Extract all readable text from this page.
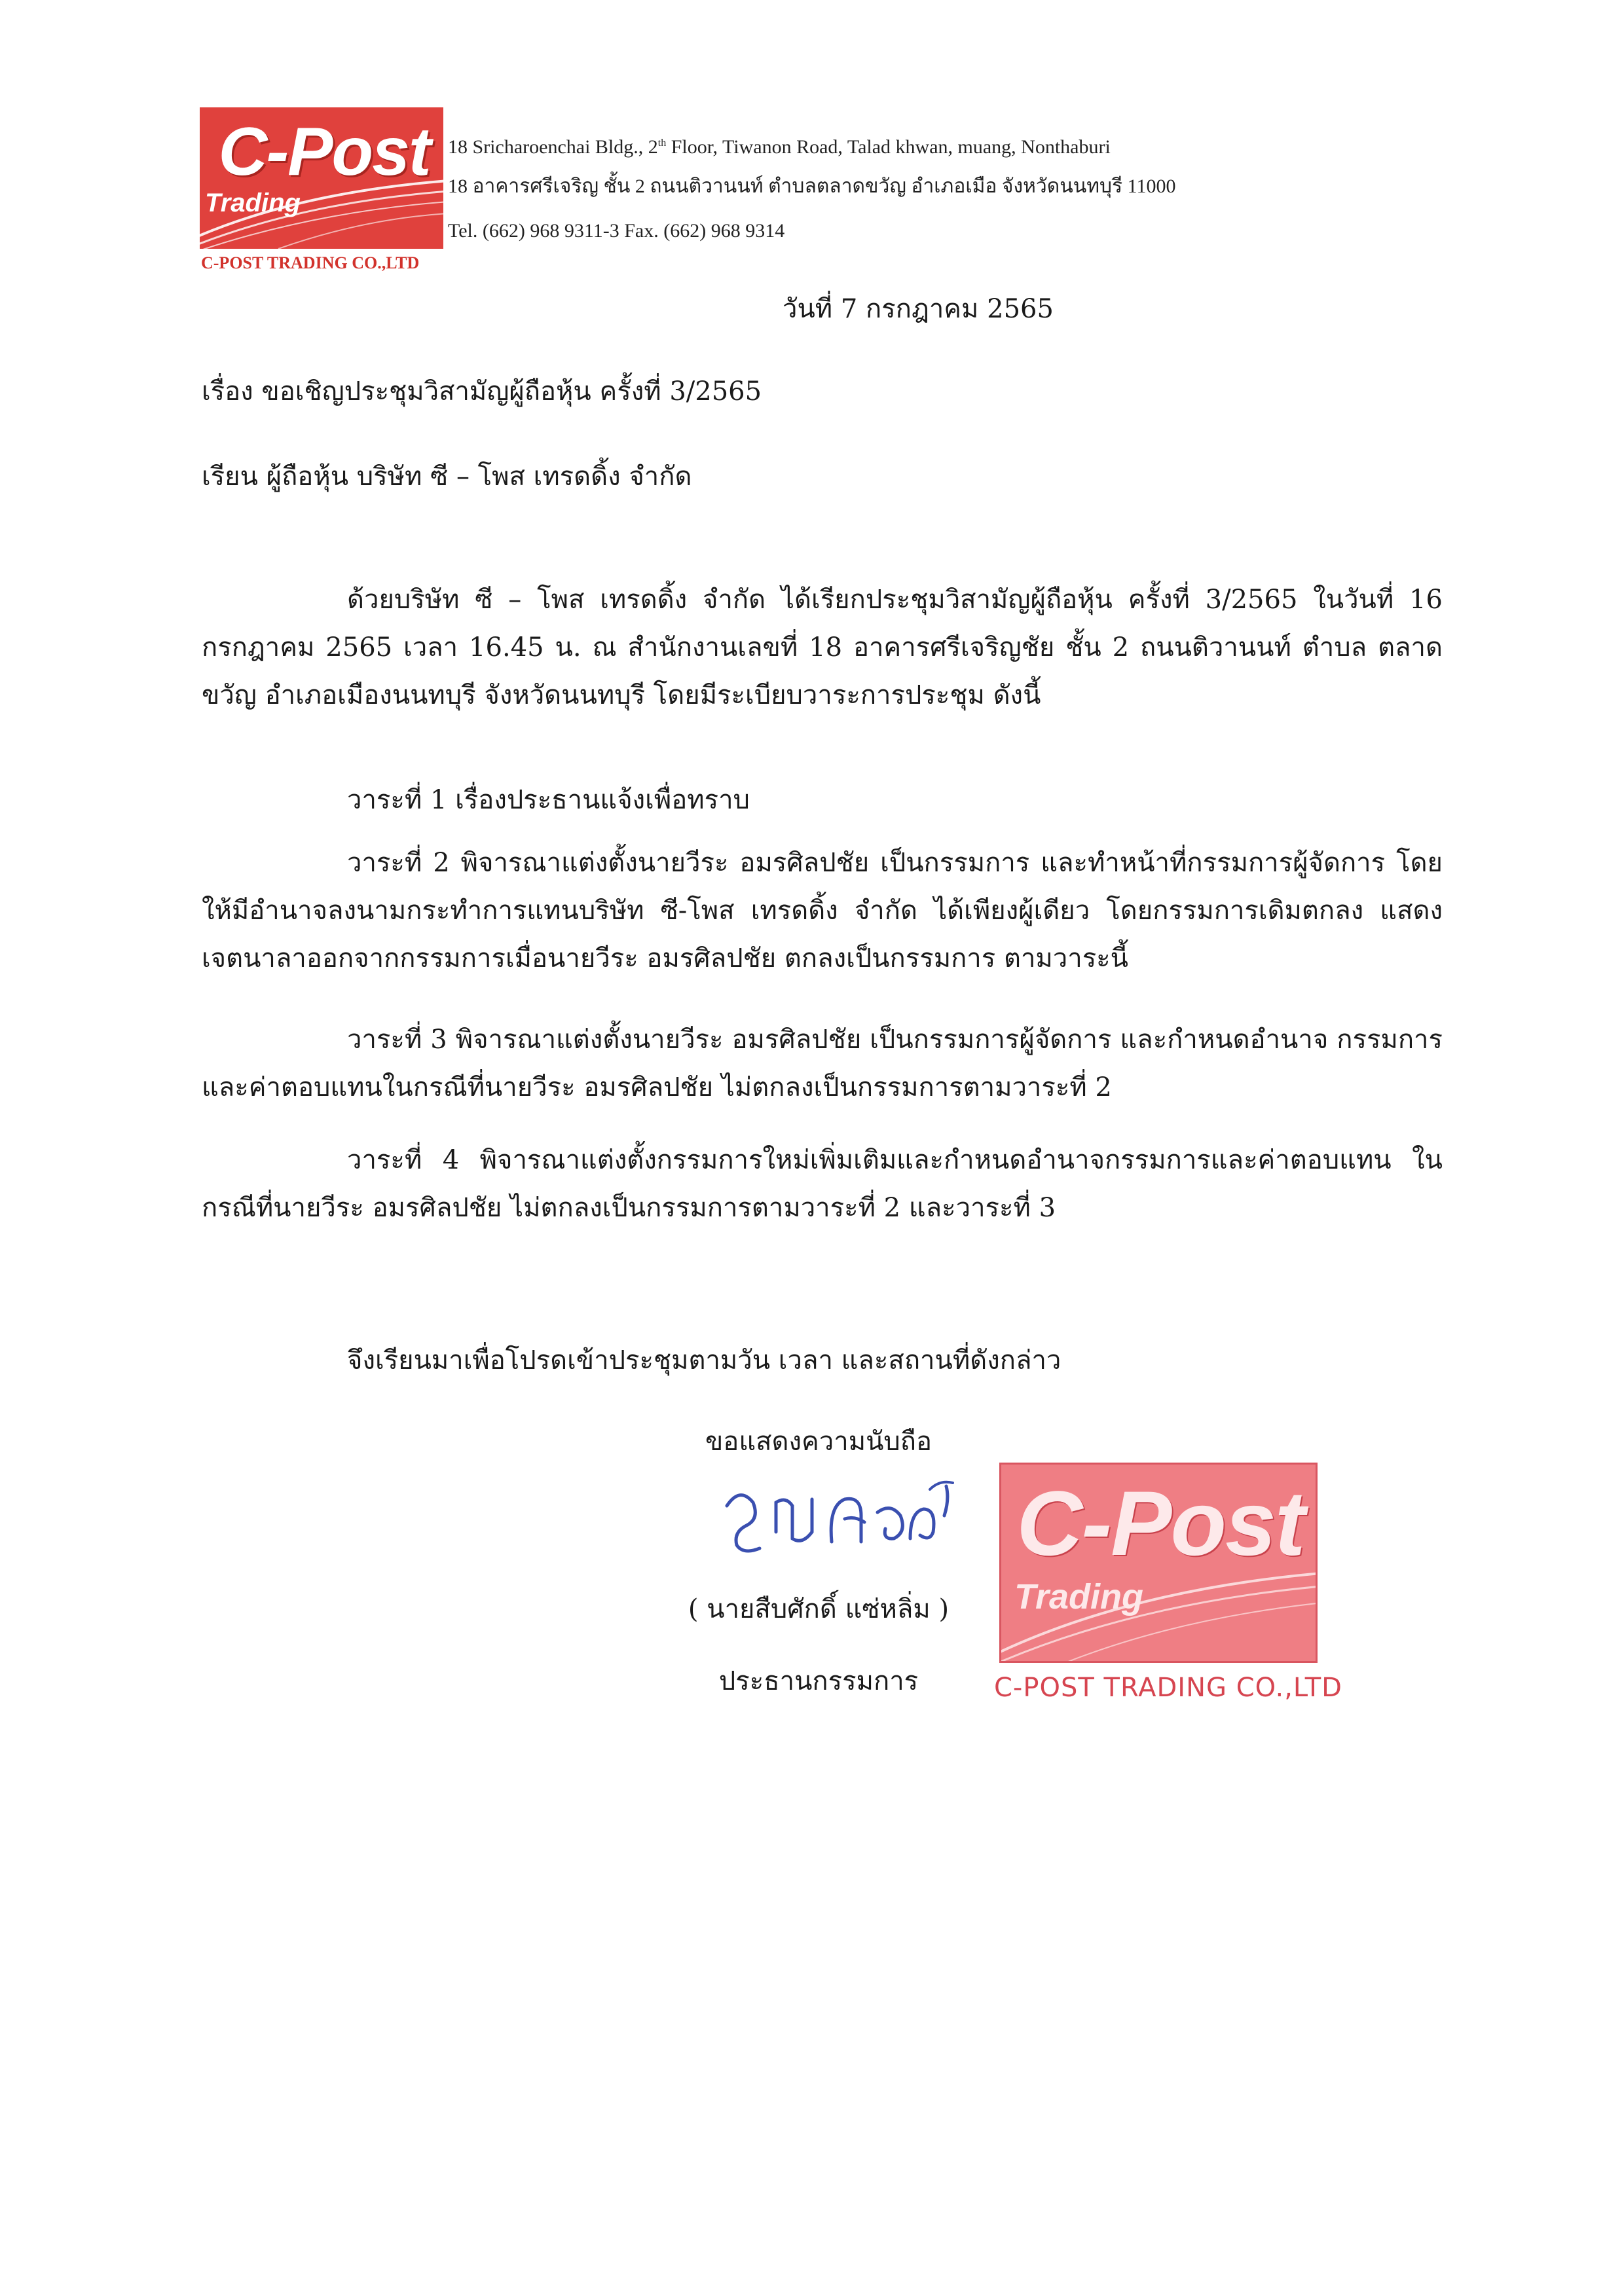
C-Post
Trading
C-POST TRADING CO.,LTD
18 Sricharoenchai Bldg., 2th Floor, Tiwanon Road, Talad khwan, muang, Nonthaburi
18 อาคารศรีเจริญ ชั้น 2 ถนนติวานนท์ ตำบลตลาดขวัญ อำเภอเมือ จังหวัดนนทบุรี 11000
Tel. (662) 968 9311-3 Fax. (662) 968 9314
วันที่ 7 กรกฎาคม 2565
เรื่อง ขอเชิญประชุมวิสามัญผู้ถือหุ้น ครั้งที่ 3/2565
เรียน ผู้ถือหุ้น บริษัท ซี – โพส เทรดดิ้ง จำกัด
ด้วยบริษัท ซี – โพส เทรดดิ้ง จำกัด ได้เรียกประชุมวิสามัญผู้ถือหุ้น ครั้งที่ 3/2565 ในวันที่ 16 กรกฎาคม 2565 เวลา 16.45 น. ณ สำนักงานเลขที่ 18 อาคารศรีเจริญชัย ชั้น 2 ถนนติวานนท์ ตำบล ตลาดขวัญ อำเภอเมืองนนทบุรี จังหวัดนนทบุรี โดยมีระเบียบวาระการประชุม ดังนี้
วาระที่ 1 เรื่องประธานแจ้งเพื่อทราบ
วาระที่ 2 พิจารณาแต่งตั้งนายวีระ อมรศิลปชัย เป็นกรรมการ และทำหน้าที่กรรมการผู้จัดการ โดยให้มีอำนาจลงนามกระทำการแทนบริษัท ซี-โพส เทรดดิ้ง จำกัด ได้เพียงผู้เดียว โดยกรรมการเดิมตกลง แสดงเจตนาลาออกจากกรรมการเมื่อนายวีระ อมรศิลปชัย ตกลงเป็นกรรมการ ตามวาระนี้
วาระที่ 3 พิจารณาแต่งตั้งนายวีระ อมรศิลปชัย เป็นกรรมการผู้จัดการ และกำหนดอำนาจ กรรมการและค่าตอบแทนในกรณีที่นายวีระ อมรศิลปชัย ไม่ตกลงเป็นกรรมการตามวาระที่ 2
วาระที่ 4 พิจารณาแต่งตั้งกรรมการใหม่เพิ่มเติมและกำหนดอำนาจกรรมการและค่าตอบแทน ในกรณีที่นายวีระ อมรศิลปชัย ไม่ตกลงเป็นกรรมการตามวาระที่ 2 และวาระที่ 3
จึงเรียนมาเพื่อโปรดเข้าประชุมตามวัน เวลา และสถานที่ดังกล่าว
ขอแสดงความนับถือ
( นายสืบศักดิ์ แซ่หลิ่ม )
ประธานกรรมการ
C-Post
Trading
C-POST TRADING CO.,LTD
